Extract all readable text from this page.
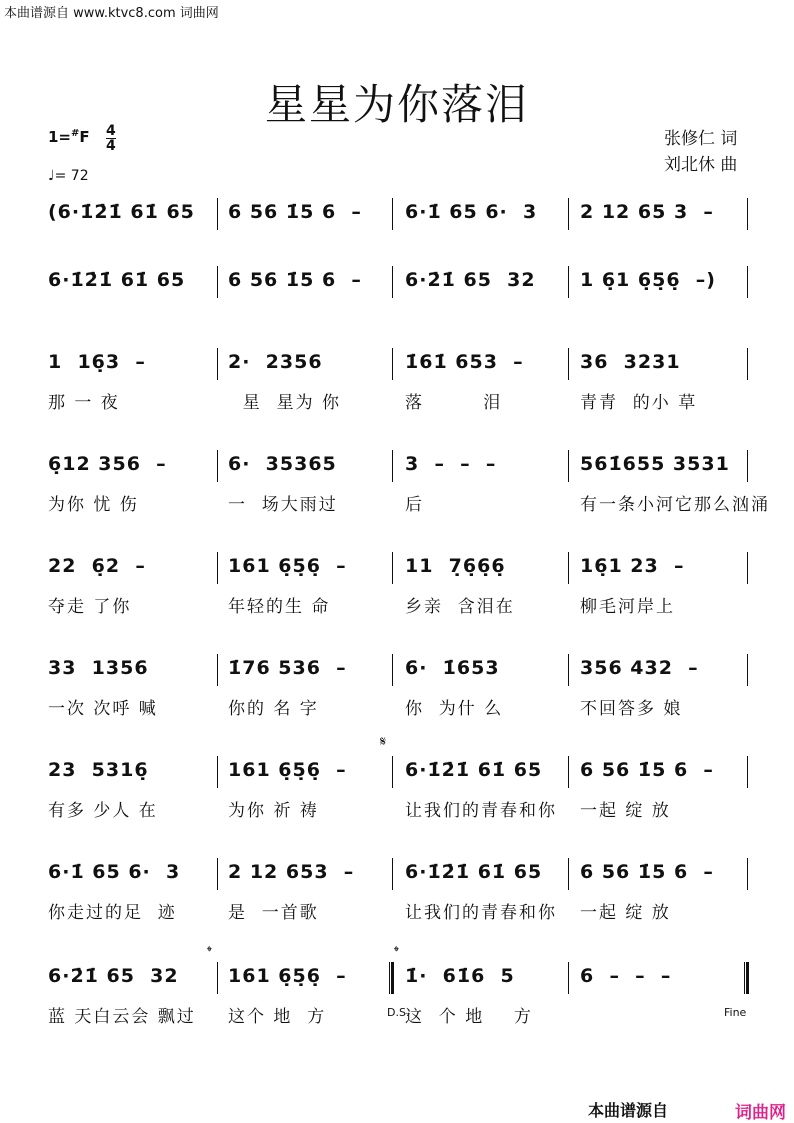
本曲谱源自 www.ktvc8.com 词曲网
星星为你落泪
1=#F 4
4
♩= 72
张修仁 词
刘北休 曲
(6·1̇2̇1̇ 61̇ 65	6 56 1̇5 6  –	6·1̇ 65 6·  3	2 12 65 3  –
6·1̇2̇1̇ 61̇ 65	6 56 1̇5 6  –	6·2̇1̇ 65  32	1 6̣1 6̣5̣6̣  –)
1  16̣3  –
那 一 夜
2·  2356
星  星为 你
1̇61̇ 653  –
落        泪
36  3231
青青  的小 草
6̣12 356  –
为你 忧 伤
6·  35365
一  场大雨过
3  –  –  –
后
561̇655 3531
有一条小河它那么汹涌
22  6̣2  –
夺走 了你
161 6̣5̣6̣  –
年轻的生 命
11  7̣6̣6̣6̣
乡亲  含泪在
16̣1 23  –
柳毛河岸上
33  1356
一次 次呼 喊
1̇76 536  –
你的 名 字
6·  1̇653
你  为什 么
356 432  –
不回答多 娘
23  5316̣
有多 少人 在
161 6̣5̣6̣  –
为你 祈 祷
6·1̇2̇1̇ 61̇ 65
让我们的青春和你
6 56 1̇5 6  –
一起 绽 放
6·1̇ 65 6·  3
你走过的足  迹
2 12 653  –
是  一首歌
6·1̇2̇1̇ 61̇ 65
让我们的青春和你
6 56 1̇5 6  –
一起 绽 放
6·2̇1̇ 65  32
蓝 天白云会 飘过
161 6̣5̣6̣  –
这个 地  方
1̇·  61̇6  5
这  个 地    方
6  –  –  –
𝄋
𝄌	𝄌
D.S.	Fine
本曲谱源自	词曲网
